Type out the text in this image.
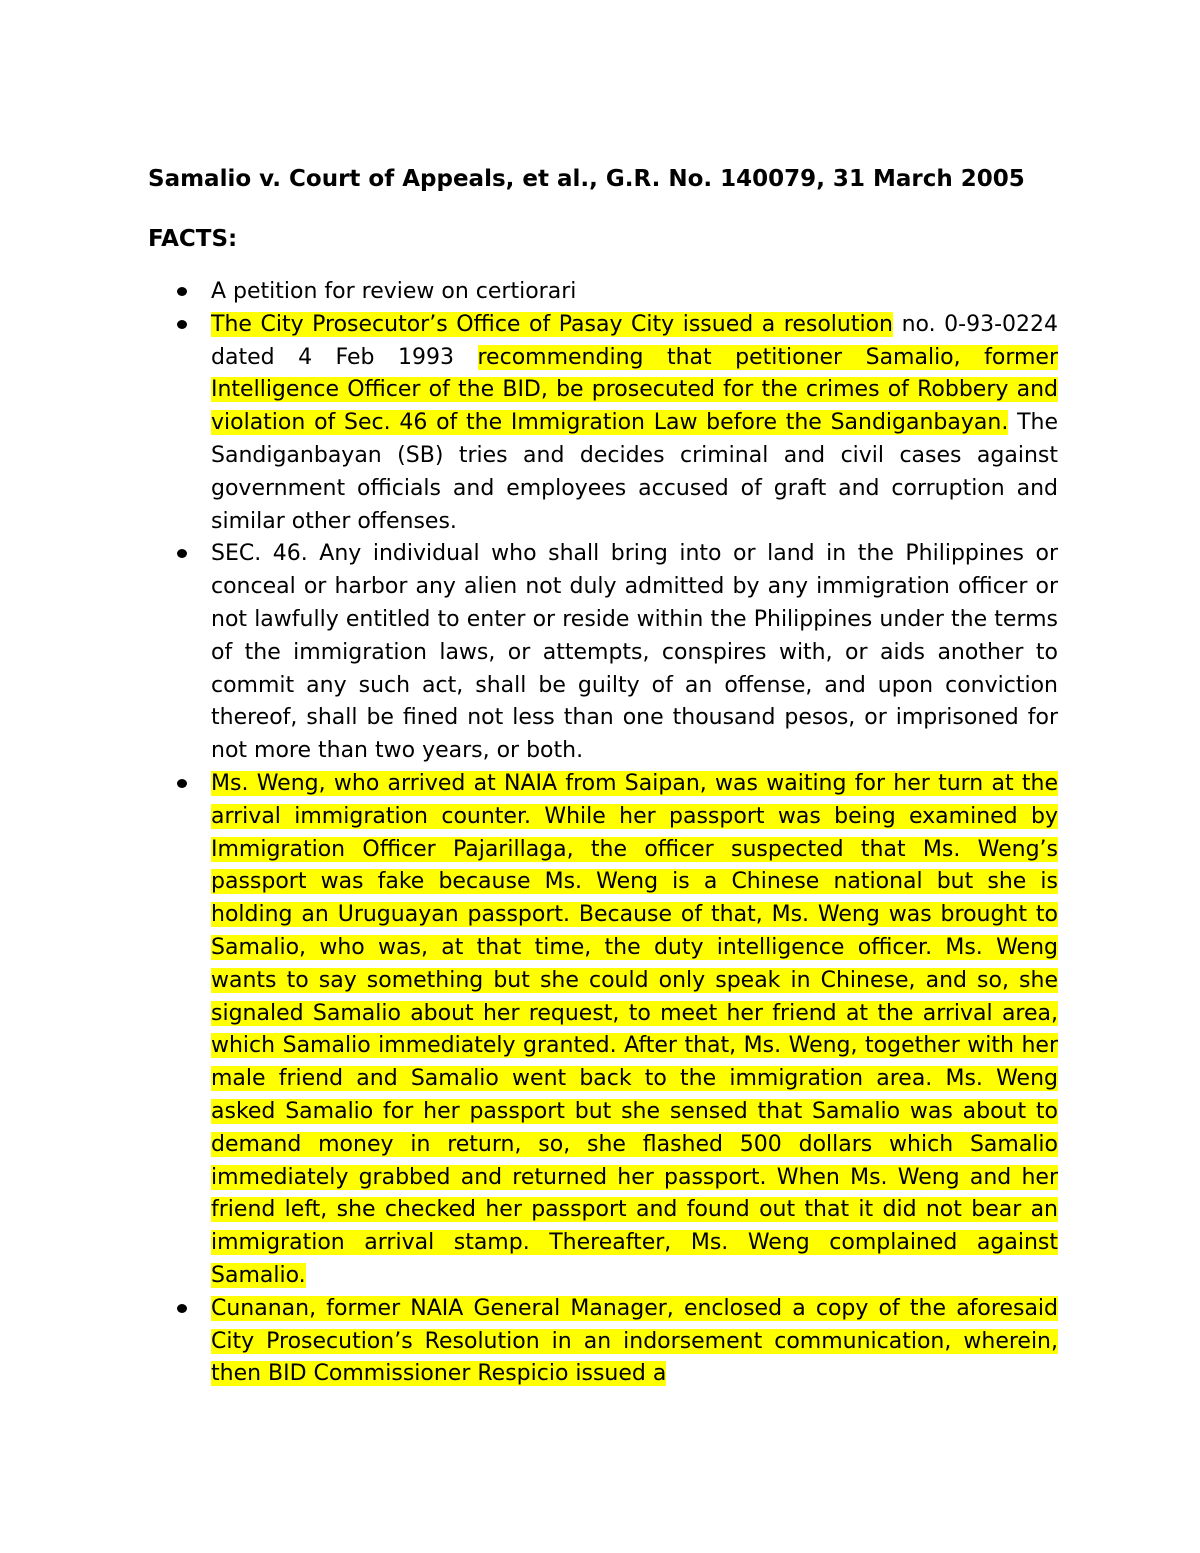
Samalio v. Court of Appeals, et al., G.R. No. 140079, 31 March 2005
FACTS:
A petition for review on certiorari
The City Prosecutor’s Office of Pasay City issued a resolution no. 0-93-0224 dated 4 Feb 1993 recommending that petitioner Samalio, former Intelligence Officer of the BID, be prosecuted for the crimes of Robbery and violation of Sec. 46 of the Immigration Law before the Sandiganbayan. The Sandiganbayan (SB) tries and decides criminal and civil cases against government officials and employees accused of graft and corruption and similar other offenses.
SEC. 46. Any individual who shall bring into or land in the Philippines or conceal or harbor any alien not duly admitted by any immigration officer or not lawfully entitled to enter or reside within the Philippines under the terms of the immigration laws, or attempts, conspires with, or aids another to commit any such act, shall be guilty of an offense, and upon conviction thereof, shall be fined not less than one thousand pesos, or imprisoned for not more than two years, or both.
Ms. Weng, who arrived at NAIA from Saipan, was waiting for her turn at the arrival immigration counter. While her passport was being examined by Immigration Officer Pajarillaga, the officer suspected that Ms. Weng’s passport was fake because Ms. Weng is a Chinese national but she is holding an Uruguayan passport. Because of that, Ms. Weng was brought to Samalio, who was, at that time, the duty intelligence officer. Ms. Weng wants to say something but she could only speak in Chinese, and so, she signaled Samalio about her request, to meet her friend at the arrival area, which Samalio immediately granted. After that, Ms. Weng, together with her male friend and Samalio went back to the immigration area. Ms. Weng asked Samalio for her passport but she sensed that Samalio was about to demand money in return, so, she flashed 500 dollars which Samalio immediately grabbed and returned her passport. When Ms. Weng and her friend left, she checked her passport and found out that it did not bear an immigration arrival stamp. Thereafter, Ms. Weng complained against Samalio.
Cunanan, former NAIA General Manager, enclosed a copy of the aforesaid City Prosecution’s Resolution in an indorsement communication, wherein, then BID Commissioner Respicio issued a
